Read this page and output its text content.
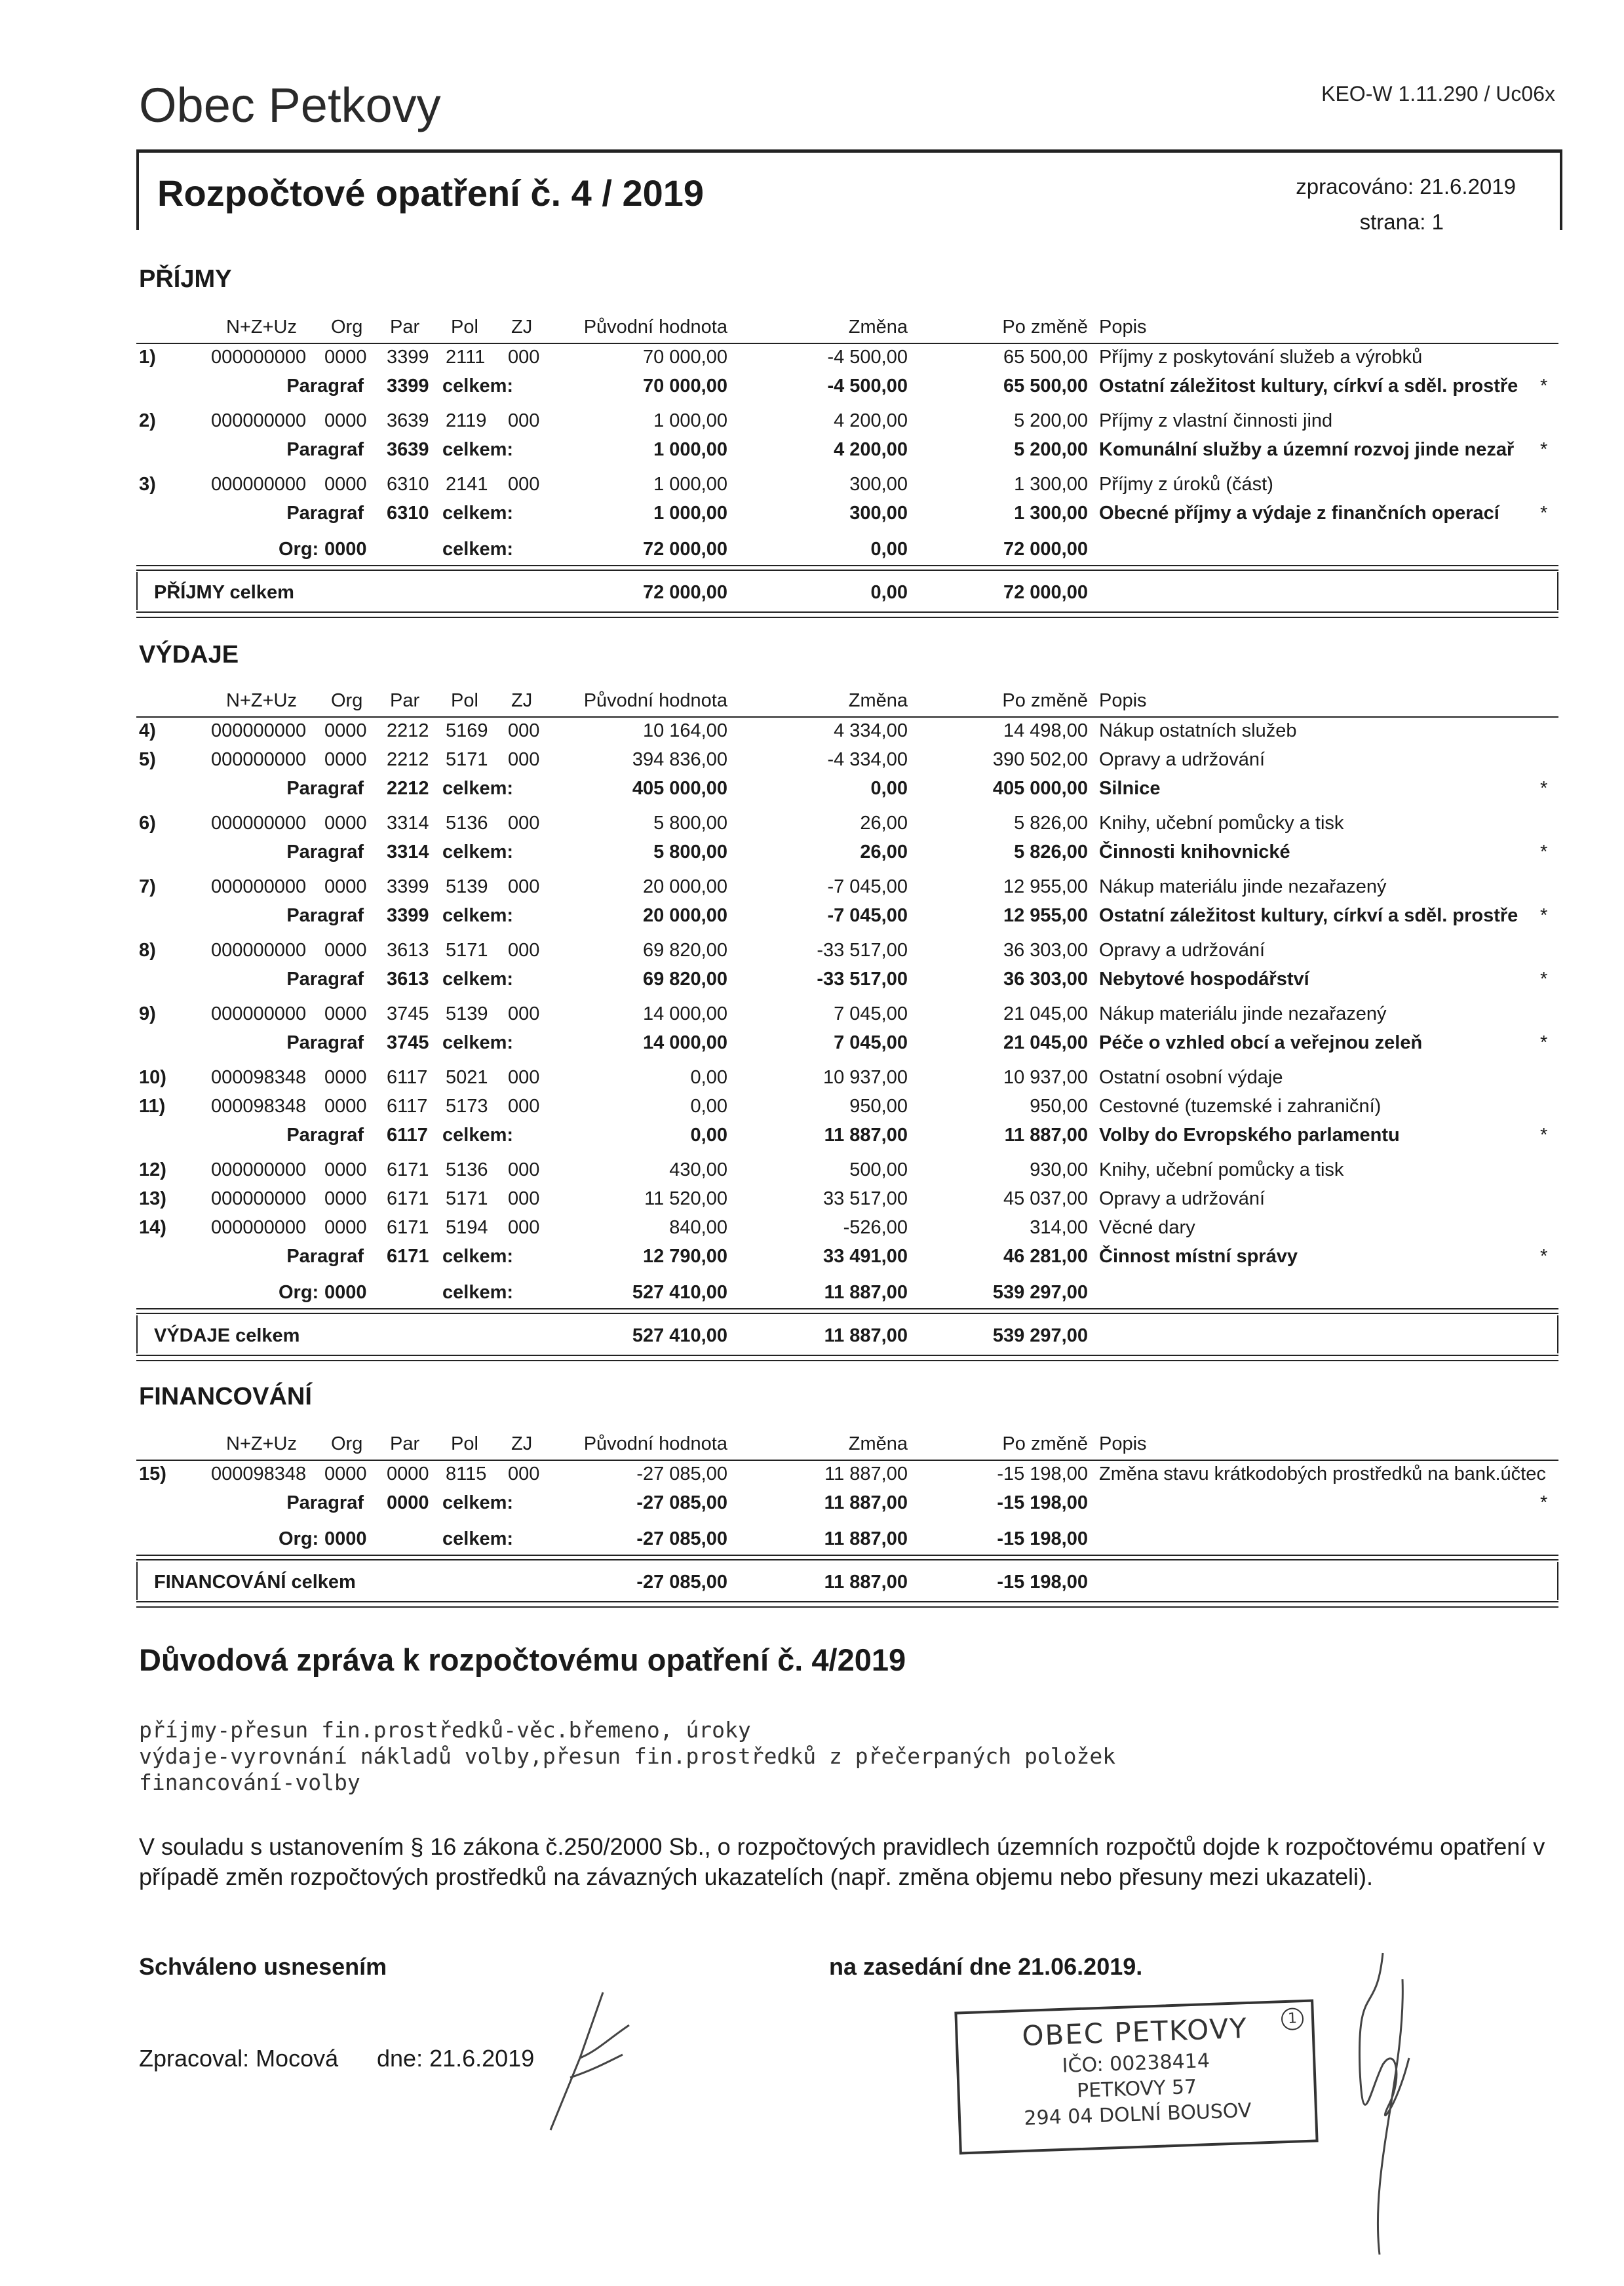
Obec Petkovy	KEO-W 1.11.290 / Uc06x
Rozpočtové opatření č. 4 / 2019	zpracováno: 21.6.2019
strana: 1
PŘÍJMY
N+Z+Uz Org Par Pol ZJ	Původní hodnota	Změna	Po změně Popis
1)	000000000 0000 3399 2111 000	70 000,00	-4 500,00	65 500,00 Příjmy z poskytování služeb a výrobků
Paragraf 3399 celkem:	70 000,00	-4 500,00	65 500,00 Ostatní záležitost kultury, církví a sděl. prostře *
2)	000000000 0000 3639 2119 000	1 000,00	4 200,00	5 200,00 Příjmy z vlastní činnosti jind
Paragraf 3639 celkem:	1 000,00	4 200,00	5 200,00 Komunální služby a územní rozvoj jinde nezař *
3)	000000000 0000 6310 2141 000	1 000,00	300,00	1 300,00 Příjmy z úroků (část)
Paragraf 6310 celkem:	1 000,00	300,00	1 300,00 Obecné příjmy a výdaje z finančních operací *
Org: 0000	celkem:	72 000,00	0,00	72 000,00
PŘÍJMY celkem	72 000,00	0,00	72 000,00
VÝDAJE
N+Z+Uz Org Par Pol ZJ	Původní hodnota	Změna	Po změně Popis
4)	000000000 0000 2212 5169 000	10 164,00	4 334,00	14 498,00 Nákup ostatních služeb
5)	000000000 0000 2212 5171 000	394 836,00	-4 334,00	390 502,00 Opravy a udržování
Paragraf 2212 celkem:	405 000,00	0,00	405 000,00 Silnice	*
6)	000000000 0000 3314 5136 000	5 800,00	26,00	5 826,00 Knihy, učební pomůcky a tisk
Paragraf 3314 celkem:	5 800,00	26,00	5 826,00 Činnosti knihovnické	*
7)	000000000 0000 3399 5139 000	20 000,00	-7 045,00	12 955,00 Nákup materiálu jinde nezařazený
Paragraf 3399 celkem:	20 000,00	-7 045,00	12 955,00 Ostatní záležitost kultury, církví a sděl. prostře *
8)	000000000 0000 3613 5171 000	69 820,00	-33 517,00	36 303,00 Opravy a udržování
Paragraf 3613 celkem:	69 820,00	-33 517,00	36 303,00 Nebytové hospodářství	*
9)	000000000 0000 3745 5139 000	14 000,00	7 045,00	21 045,00 Nákup materiálu jinde nezařazený
Paragraf 3745 celkem:	14 000,00	7 045,00	21 045,00 Péče o vzhled obcí a veřejnou zeleň	*
10) 000098348 0000 6117 5021 000	0,00	10 937,00	10 937,00 Ostatní osobní výdaje
11) 000098348 0000 6117 5173 000	0,00	950,00	950,00 Cestovné (tuzemské i zahraniční)
Paragraf 6117 celkem:	0,00	11 887,00	11 887,00 Volby do Evropského parlamentu	*
12) 000000000 0000 6171 5136 000	430,00	500,00	930,00 Knihy, učební pomůcky a tisk
13) 000000000 0000 6171 5171 000	11 520,00	33 517,00	45 037,00 Opravy a udržování
14) 000000000 0000 6171 5194 000	840,00	-526,00	314,00 Věcné dary
Paragraf 6171 celkem:	12 790,00	33 491,00	46 281,00 Činnost místní správy	*
Org: 0000	celkem:	527 410,00	11 887,00	539 297,00
VÝDAJE celkem	527 410,00	11 887,00	539 297,00
FINANCOVÁNÍ
N+Z+Uz Org Par Pol ZJ	Původní hodnota	Změna	Po změně Popis
15) 000098348 0000 0000 8115 000	-27 085,00	11 887,00	-15 198,00 Změna stavu krátkodobých prostředků na bank.účtec
Paragraf 0000 celkem:	-27 085,00	11 887,00	-15 198,00	*
Org: 0000	celkem:	-27 085,00	11 887,00	-15 198,00
FINANCOVÁNÍ celkem	-27 085,00	11 887,00	-15 198,00
Důvodová zpráva k rozpočtovému opatření č. 4/2019
příjmy-přesun fin.prostředků-věc.břemeno, úroky
výdaje-vyrovnání nákladů volby,přesun fin.prostředků z přečerpaných položek
financování-volby
V souladu s ustanovením § 16 zákona č.250/2000 Sb., o rozpočtových pravidlech územních rozpočtů dojde k rozpočtovému opatření v případě změn rozpočtových prostředků na závazných ukazatelích (např. změna objemu nebo přesuny mezi ukazateli).
Schváleno usnesením	na zasedání dne 21.06.2019.
Zpracoval: Mocová dne: 21.6.2019
OBEC PETKOVY	1
IČO: 00238414
PETKOVY 57
294 04 DOLNÍ BOUSOV
